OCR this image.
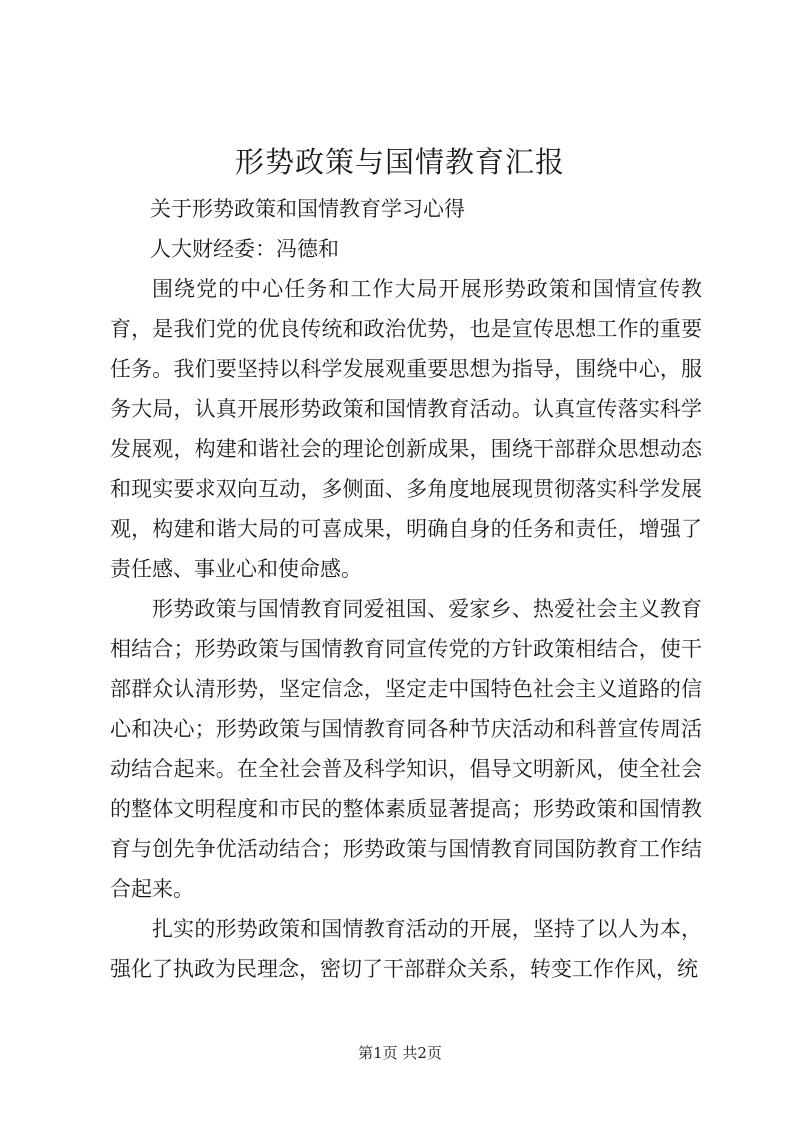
形势政策与国情教育汇报

关于形势政策和国情教育学习心得

人大财经委：冯德和

围绕党的中心任务和工作大局开展形势政策和国情宣传教育，是我们党的优良传统和政治优势，也是宣传思想工作的重要任务。我们要坚持以科学发展观重要思想为指导，围绕中心，服务大局，认真开展形势政策和国情教育活动。认真宣传落实科学发展观，构建和谐社会的理论创新成果，围绕干部群众思想动态和现实要求双向互动，多侧面、多角度地展现贯彻落实科学发展观，构建和谐大局的可喜成果，明确自身的任务和责任，增强了责任感、事业心和使命感。

形势政策与国情教育同爱祖国、爱家乡、热爱社会主义教育相结合；形势政策与国情教育同宣传党的方针政策相结合，使干部群众认清形势，坚定信念，坚定走中国特色社会主义道路的信心和决心；形势政策与国情教育同各种节庆活动和科普宣传周活动结合起来。在全社会普及科学知识，倡导文明新风，使全社会的整体文明程度和市民的整体素质显著提高；形势政策和国情教育与创先争优活动结合；形势政策与国情教育同国防教育工作结合起来。

扎实的形势政策和国情教育活动的开展，坚持了以人为本，强化了执政为民理念，密切了干部群众关系，转变工作作风，统

第1页 共2页
